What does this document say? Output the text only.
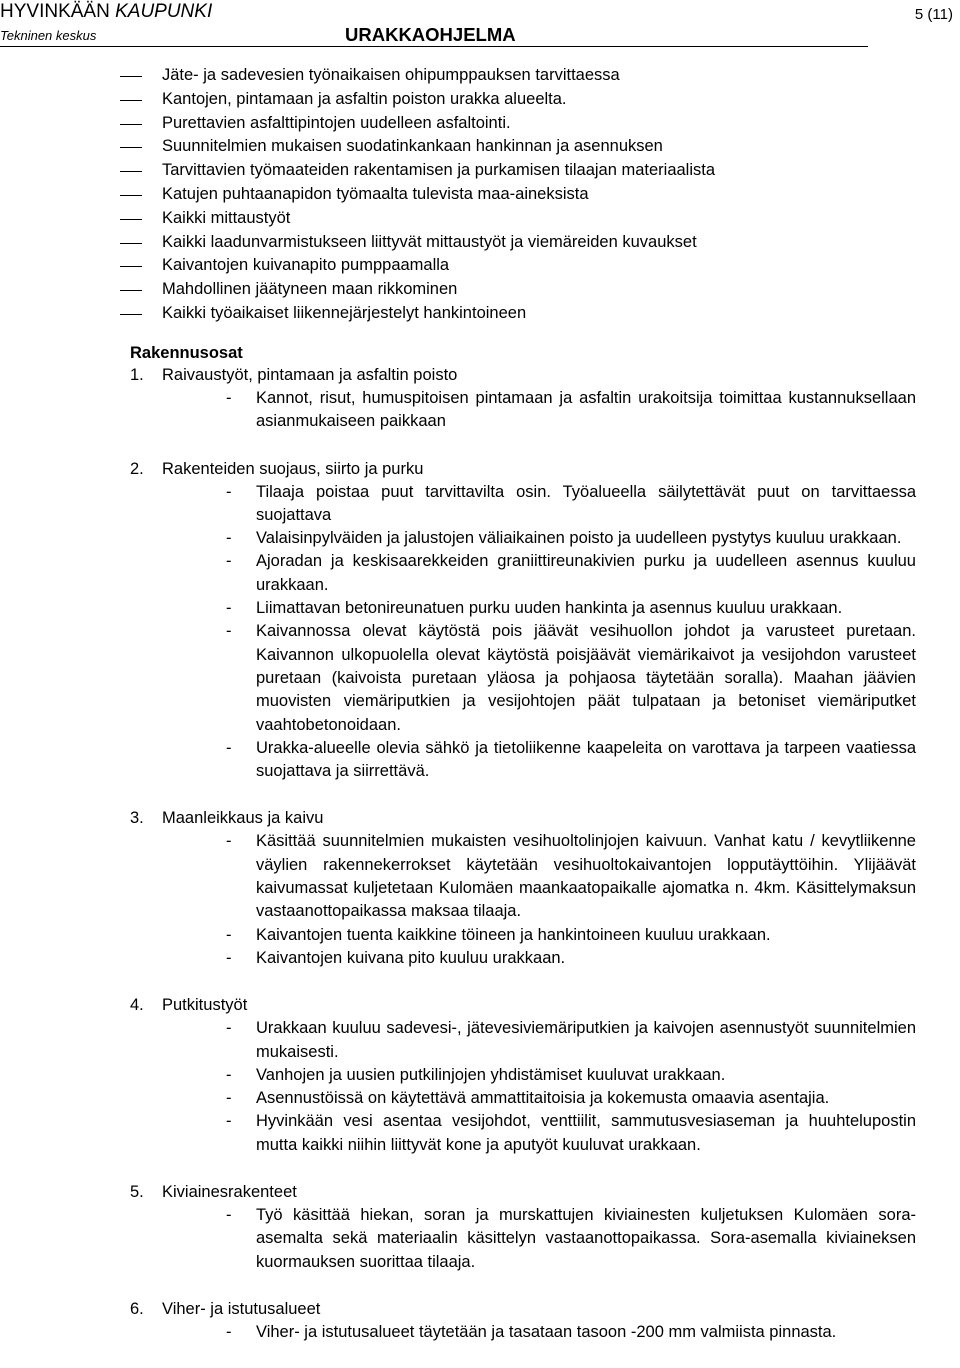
HYVINKÄÄN KAUPUNKI
Tekninen keskus	URAKKAOHJELMA
5 (11)
Jäte- ja sadevesien työnaikaisen ohipumppauksen tarvittaessa
Kantojen, pintamaan ja asfaltin poiston urakka alueelta.
Purettavien asfalttipintojen uudelleen asfaltointi.
Suunnitelmien mukaisen suodatinkankaan hankinnan ja asennuksen
Tarvittavien työmaateiden rakentamisen ja purkamisen tilaajan materiaalista
Katujen puhtaanapidon työmaalta tulevista maa-aineksista
Kaikki mittaustyöt
Kaikki laadunvarmistukseen liittyvät mittaustyöt ja viemäreiden kuvaukset
Kaivantojen kuivanapito pumppaamalla
Mahdollinen jäätyneen maan rikkominen
Kaikki työaikaiset liikennejärjestelyt hankintoineen
Rakennusosat
1. Raivaustyöt, pintamaan ja asfaltin poisto
- Kannot, risut, humuspitoisen pintamaan ja asfaltin urakoitsija toimittaa kustannuksellaan asianmukaiseen paikkaan
2. Rakenteiden suojaus, siirto ja purku
- Tilaaja poistaa puut tarvittavilta osin. Työalueella säilytettävät puut on tarvittaessa suojattava
- Valaisinpylväiden ja jalustojen väliaikainen poisto ja uudelleen pystytys kuuluu urakkaan.
- Ajoradan ja keskisaarekkeiden graniittireunakivien purku ja uudelleen asennus kuuluu urakkaan.
- Liimattavan betonireunatuen purku uuden hankinta ja asennus kuuluu urakkaan.
- Kaivannossa olevat käytöstä pois jäävät vesihuollon johdot ja varusteet puretaan. Kaivannon ulkopuolella olevat käytöstä poisjäävät viemärikaivot ja vesijohdon varusteet puretaan (kaivoista puretaan yläosa ja pohjaosa täytetään soralla). Maahan jäävien muovisten viemäriputkien ja vesijohtojen päät tulpataan ja betoniset viemäriputket vaahtobetonoidaan.
- Urakka-alueelle olevia sähkö ja tietoliikenne kaapeleita on varottava ja tarpeen vaatiessa suojattava ja siirrettävä.
3. Maanleikkaus ja kaivu
- Käsittää suunnitelmien mukaisten vesihuoltolinjojen kaivuun. Vanhat katu / kevytliikenne väylien rakennekerrokset käytetään vesihuoltokaivantojen lopputäyttöihin. Ylijäävät kaivumassat kuljetetaan Kulomäen maankaatopaikalle ajomatka n. 4km. Käsittelymaksun vastaanottopaikassa maksaa tilaaja.
- Kaivantojen tuenta kaikkine töineen ja hankintoineen kuuluu urakkaan.
- Kaivantojen kuivana pito kuuluu urakkaan.
4. Putkitustyöt
- Urakkaan kuuluu sadevesi-, jätevesiviemäriputkien ja kaivojen asennustyöt suunnitelmien mukaisesti.
- Vanhojen ja uusien putkilinjojen yhdistämiset kuuluvat urakkaan.
- Asennustöissä on käytettävä ammattitaitoisia ja kokemusta omaavia asentajia.
- Hyvinkään vesi asentaa vesijohdot, venttiilit, sammutusvesiaseman ja huuhtelupostin mutta kaikki niihin liittyvät kone ja aputyöt kuuluvat urakkaan.
5. Kiviainesrakenteet
- Työ käsittää hiekan, soran ja murskattujen kiviainesten kuljetuksen Kulomäen sora-asemalta sekä materiaalin käsittelyn vastaanottopaikassa. Sora-asemalla kiviaineksen kuormauksen suorittaa tilaaja.
6. Viher- ja istutusalueet
- Viher- ja istutusalueet täytetään ja tasataan tasoon -200 mm valmiista pinnasta.
